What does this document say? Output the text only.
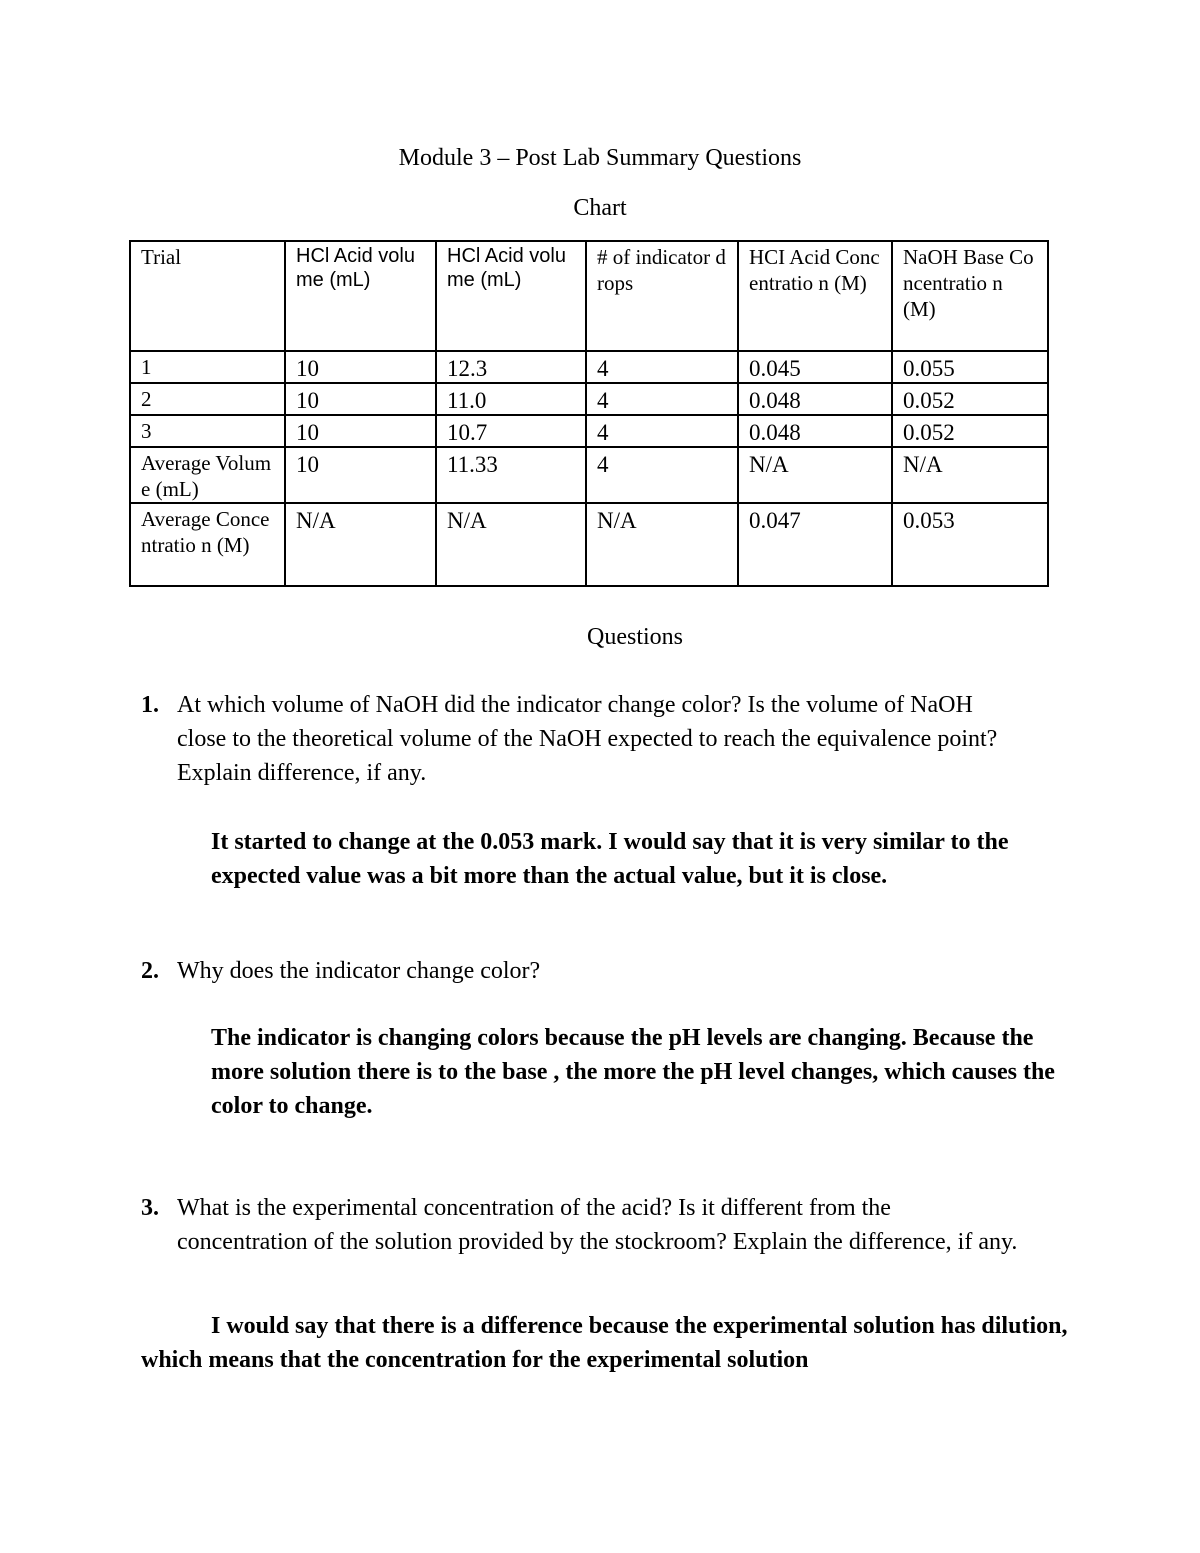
Module 3 – Post Lab Summary Questions
Chart
Trial	HCl Acid volume (mL)	HCl Acid volume (mL)	# of indicator drops	HCI Acid Concentratio n (M)	NaOH Base Concentratio n (M)
1	10	12.3	4	0.045	0.055
2	10	11.0	4	0.048	0.052
3	10	10.7	4	0.048	0.052
Average Volume (mL)	10	11.33	4	N/A	N/A
Average Concentratio n (M)	N/A	N/A	N/A	0.047	0.053
Questions
1. At which volume of NaOH did the indicator change color? Is the volume of NaOH close to the theoretical volume of the NaOH expected to reach the equivalence point? Explain difference, if any.
It started to change at the 0.053 mark. I would say that it is very similar to the expected value was a bit more than the actual value, but it is close.
2. Why does the indicator change color?
The indicator is changing colors because the pH levels are changing. Because the more solution there is to the base , the more the pH level changes, which causes the color to change.
3. What is the experimental concentration of the acid? Is it different from the concentration of the solution provided by the stockroom? Explain the difference, if any.
I would say that there is a difference because the experimental solution has dilution, which means that the concentration for the experimental solution
